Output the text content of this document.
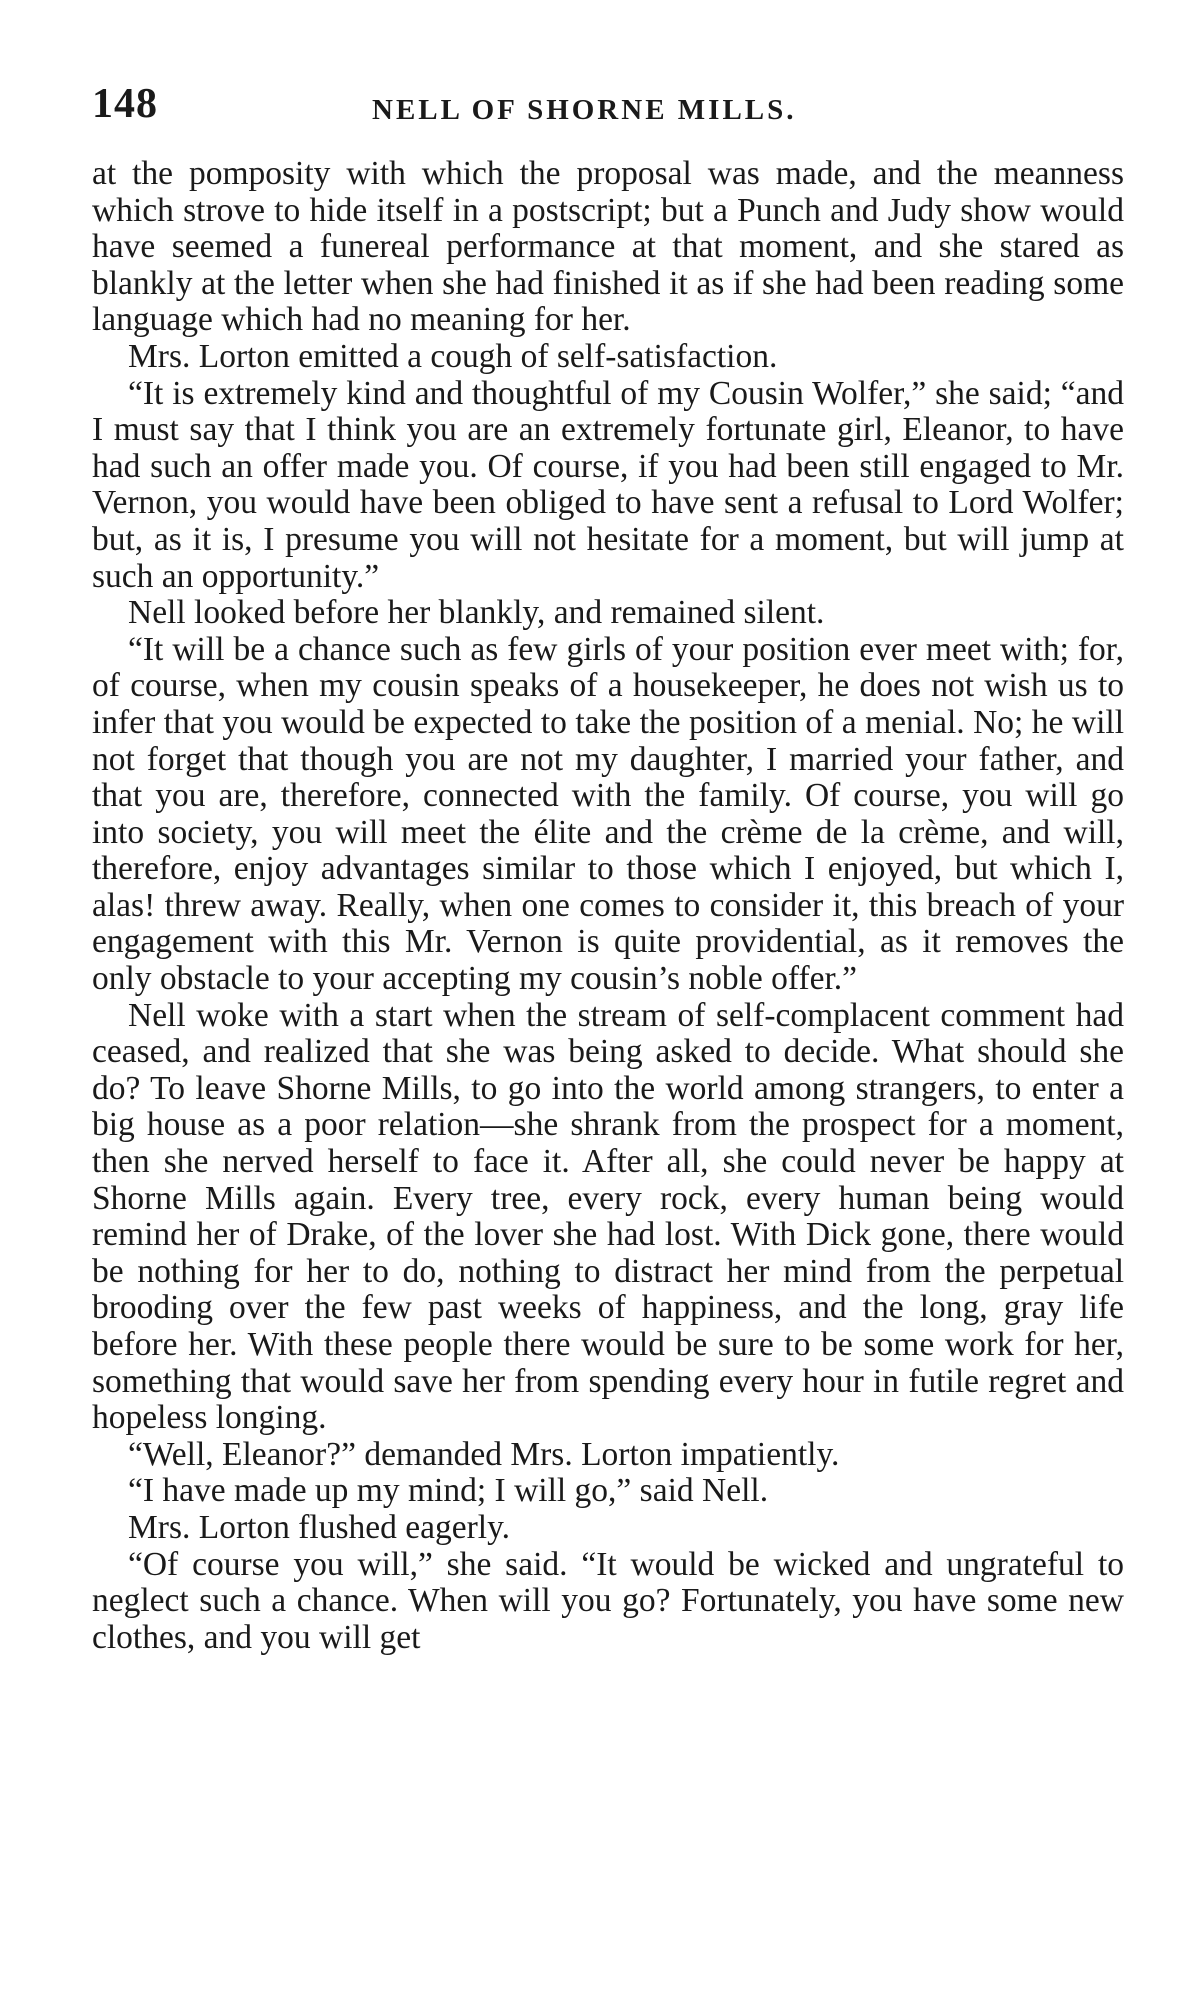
148	NELL OF SHORNE MILLS.

at the pomposity with which the proposal was made, and the meanness which strove to hide itself in a postscript; but a Punch and Judy show would have seemed a funereal performance at that moment, and she stared as blankly at the letter when she had finished it as if she had been reading some language which had no meaning for her.

Mrs. Lorton emitted a cough of self-satisfaction.

“It is extremely kind and thoughtful of my Cousin Wolfer,” she said; “and I must say that I think you are an extremely fortunate girl, Eleanor, to have had such an offer made you. Of course, if you had been still engaged to Mr. Vernon, you would have been obliged to have sent a refusal to Lord Wolfer; but, as it is, I presume you will not hesitate for a moment, but will jump at such an opportunity.”

Nell looked before her blankly, and remained silent.

“It will be a chance such as few girls of your position ever meet with; for, of course, when my cousin speaks of a housekeeper, he does not wish us to infer that you would be expected to take the position of a menial. No; he will not forget that though you are not my daughter, I married your father, and that you are, therefore, connected with the family. Of course, you will go into society, you will meet the élite and the crème de la crème, and will, therefore, enjoy advantages similar to those which I enjoyed, but which I, alas! threw away. Really, when one comes to consider it, this breach of your engagement with this Mr. Vernon is quite providential, as it removes the only obstacle to your accepting my cousin’s noble offer.”

Nell woke with a start when the stream of self-complacent comment had ceased, and realized that she was being asked to decide. What should she do? To leave Shorne Mills, to go into the world among strangers, to enter a big house as a poor relation—she shrank from the prospect for a moment, then she nerved herself to face it. After all, she could never be happy at Shorne Mills again. Every tree, every rock, every human being would remind her of Drake, of the lover she had lost. With Dick gone, there would be nothing for her to do, nothing to distract her mind from the perpetual brooding over the few past weeks of happiness, and the long, gray life before her. With these people there would be sure to be some work for her, something that would save her from spending every hour in futile regret and hopeless longing.

“Well, Eleanor?” demanded Mrs. Lorton impatiently.

“I have made up my mind; I will go,” said Nell.

Mrs. Lorton flushed eagerly.

“Of course you will,” she said. “It would be wicked and ungrateful to neglect such a chance. When will you go? Fortunately, you have some new clothes, and you will get
